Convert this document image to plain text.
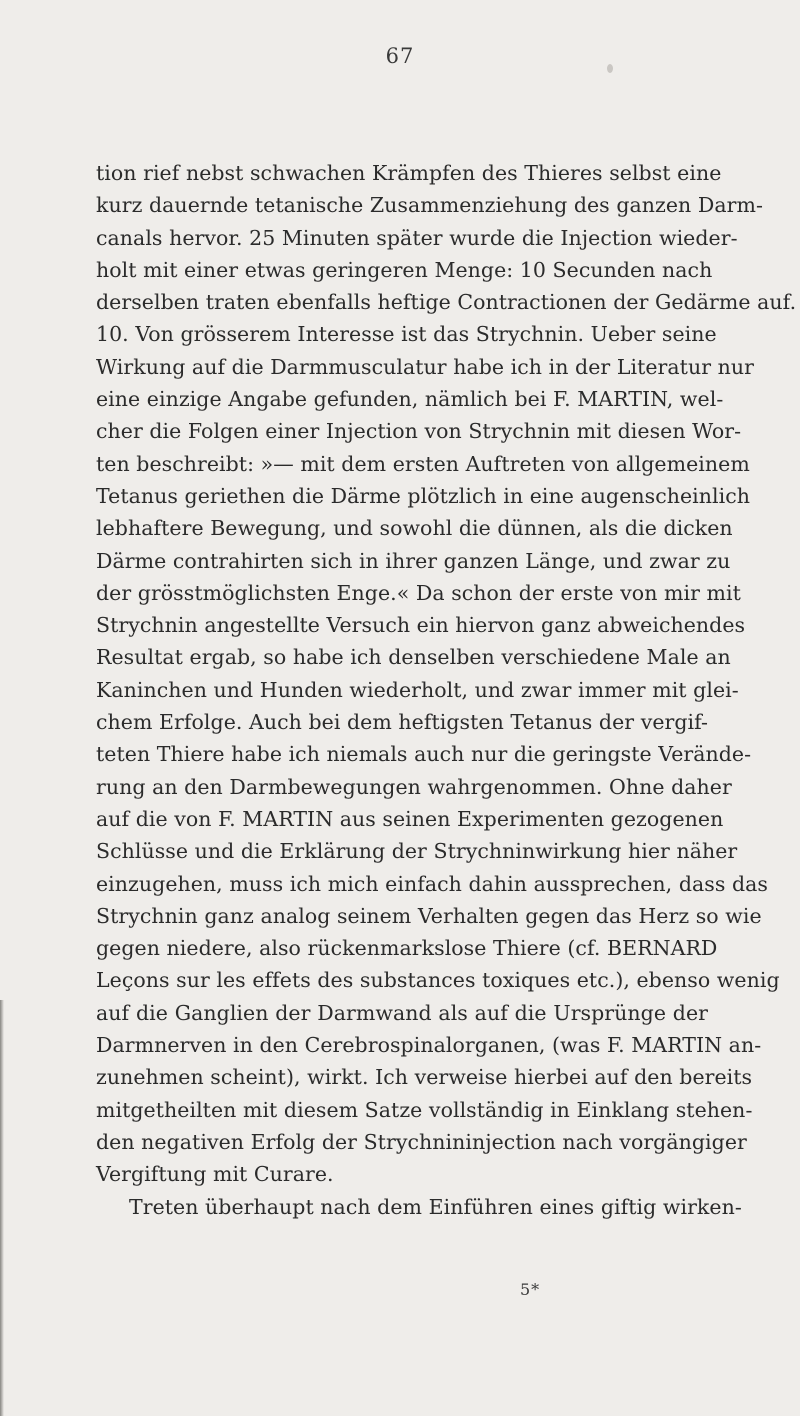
67
tion rief nebst schwachen Krämpfen des Thieres selbst eine
kurz dauernde tetanische Zusammenziehung des ganzen Darm-
canals hervor. 25 Minuten später wurde die Injection wieder-
holt mit einer etwas geringeren Menge: 10 Secunden nach
derselben traten ebenfalls heftige Contractionen der Gedärme auf.
10. Von grösserem Interesse ist das Strychnin. Ueber seine
Wirkung auf die Darmmusculatur habe ich in der Literatur nur
eine einzige Angabe gefunden, nämlich bei F. MARTIN, wel-
cher die Folgen einer Injection von Strychnin mit diesen Wor-
ten beschreibt: »— mit dem ersten Auftreten von allgemeinem
Tetanus geriethen die Därme plötzlich in eine augenscheinlich
lebhaftere Bewegung, und sowohl die dünnen, als die dicken
Därme contrahirten sich in ihrer ganzen Länge, und zwar zu
der grösstmöglichsten Enge.« Da schon der erste von mir mit
Strychnin angestellte Versuch ein hiervon ganz abweichendes
Resultat ergab, so habe ich denselben verschiedene Male an
Kaninchen und Hunden wiederholt, und zwar immer mit glei-
chem Erfolge. Auch bei dem heftigsten Tetanus der vergif-
teten Thiere habe ich niemals auch nur die geringste Verände-
rung an den Darmbewegungen wahrgenommen. Ohne daher
auf die von F. MARTIN aus seinen Experimenten gezogenen
Schlüsse und die Erklärung der Strychninwirkung hier näher
einzugehen, muss ich mich einfach dahin aussprechen, dass das
Strychnin ganz analog seinem Verhalten gegen das Herz so wie
gegen niedere, also rückenmarkslose Thiere (cf. BERNARD
Leçons sur les effets des substances toxiques etc.), ebenso wenig
auf die Ganglien der Darmwand als auf die Ursprünge der
Darmnerven in den Cerebrospinalorganen, (was F. MARTIN an-
zunehmen scheint), wirkt. Ich verweise hierbei auf den bereits
mitgetheilten mit diesem Satze vollständig in Einklang stehen-
den negativen Erfolg der Strychnininjection nach vorgängiger
Vergiftung mit Curare.
Treten überhaupt nach dem Einführen eines giftig wirken-
5*
